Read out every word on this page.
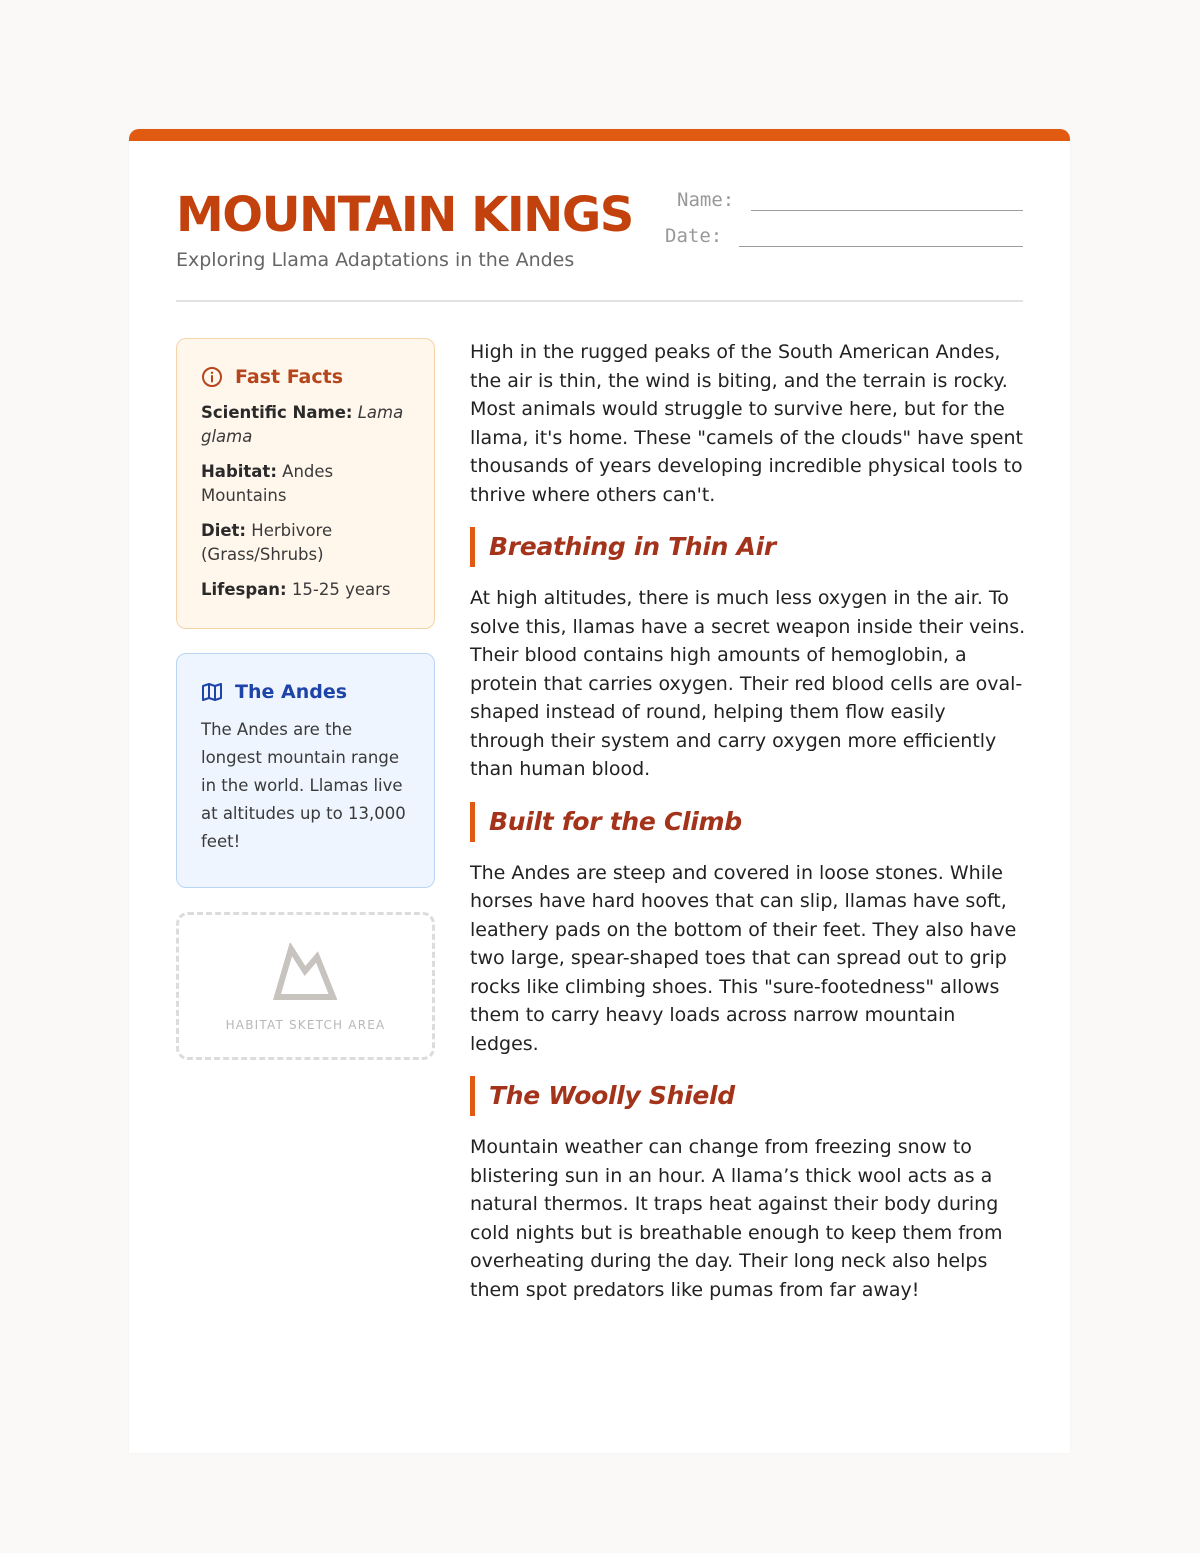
MOUNTAIN KINGS
Exploring Llama Adaptations in the Andes
Name:
Date:
Fast Facts
Scientific Name: Lama glama
Habitat: Andes Mountains
Diet: Herbivore (Grass/Shrubs)
Lifespan: 15-25 years
The Andes
The Andes are the longest mountain range in the world. Llamas live at altitudes up to 13,000 feet!
HABITAT SKETCH AREA

High in the rugged peaks of the South American Andes, the air is thin, the wind is biting, and the terrain is rocky. Most animals would struggle to survive here, but for the llama, it's home. These "camels of the clouds" have spent thousands of years developing incredible physical tools to thrive where others can't.

Breathing in Thin Air

At high altitudes, there is much less oxygen in the air. To solve this, llamas have a secret weapon inside their veins. Their blood contains high amounts of hemoglobin, a protein that carries oxygen. Their red blood cells are oval-shaped instead of round, helping them flow easily through their system and carry oxygen more efficiently than human blood.

Built for the Climb

The Andes are steep and covered in loose stones. While horses have hard hooves that can slip, llamas have soft, leathery pads on the bottom of their feet. They also have two large, spear-shaped toes that can spread out to grip rocks like climbing shoes. This "sure-footedness" allows them to carry heavy loads across narrow mountain ledges.

The Woolly Shield

Mountain weather can change from freezing snow to blistering sun in an hour. A llama’s thick wool acts as a natural thermos. It traps heat against their body during cold nights but is breathable enough to keep them from overheating during the day. Their long neck also helps them spot predators like pumas from far away!
